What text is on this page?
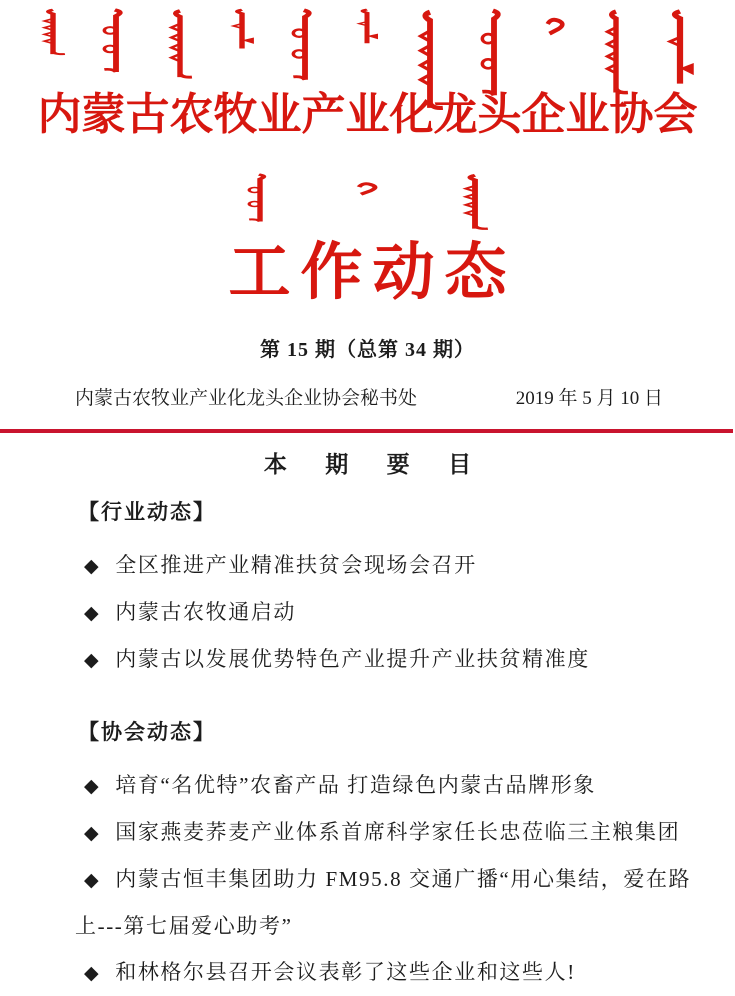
内蒙古农牧业产业化龙头企业协会
工作动态
第 15 期（总第 34 期）
内蒙古农牧业产业化龙头企业协会秘书处	2019 年 5 月 10 日
本 期 要 目
【行业动态】

◆ 全区推进产业精准扶贫会现场会召开

◆ 内蒙古农牧通启动

◆ 内蒙古以发展优势特色产业提升产业扶贫精准度

【协会动态】

◆ 培育“名优特”农畜产品 打造绿色内蒙古品牌形象

◆ 国家燕麦荞麦产业体系首席科学家任长忠莅临三主粮集团

◆ 内蒙古恒丰集团助力 FM95.8 交通广播“用心集结，爱在路上---第七届爱心助考”

◆ 和林格尔县召开会议表彰了这些企业和这些人!
